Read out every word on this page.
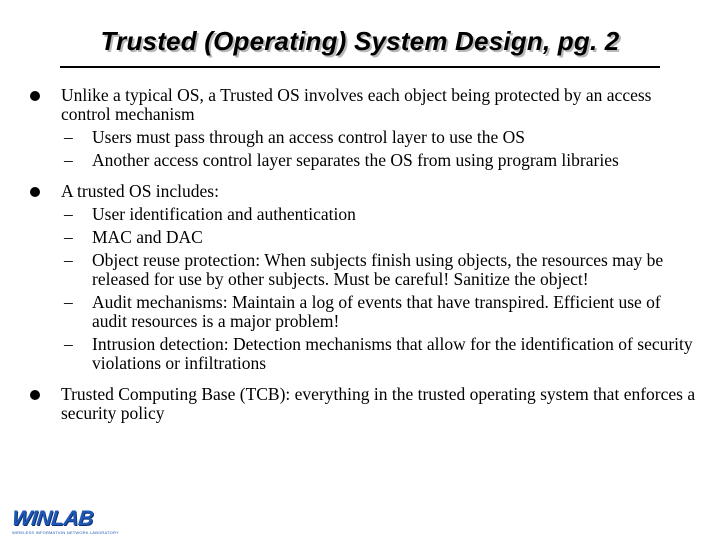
Trusted (Operating) System Design, pg. 2
Unlike a typical OS, a Trusted OS involves each object being protected by an access control mechanism
– Users must pass through an access control layer to use the OS
– Another access control layer separates the OS from using program libraries
A trusted OS includes:
– User identification and authentication
– MAC and DAC
– Object reuse protection: When subjects finish using objects, the resources may be released for use by other subjects. Must be careful! Sanitize the object!
– Audit mechanisms: Maintain a log of events that have transpired. Efficient use of audit resources is a major problem!
– Intrusion detection: Detection mechanisms that allow for the identification of security violations or infiltrations
Trusted Computing Base (TCB): everything in the trusted operating system that enforces a security policy
WINLAB
WIRELESS INFORMATION NETWORK LABORATORY
